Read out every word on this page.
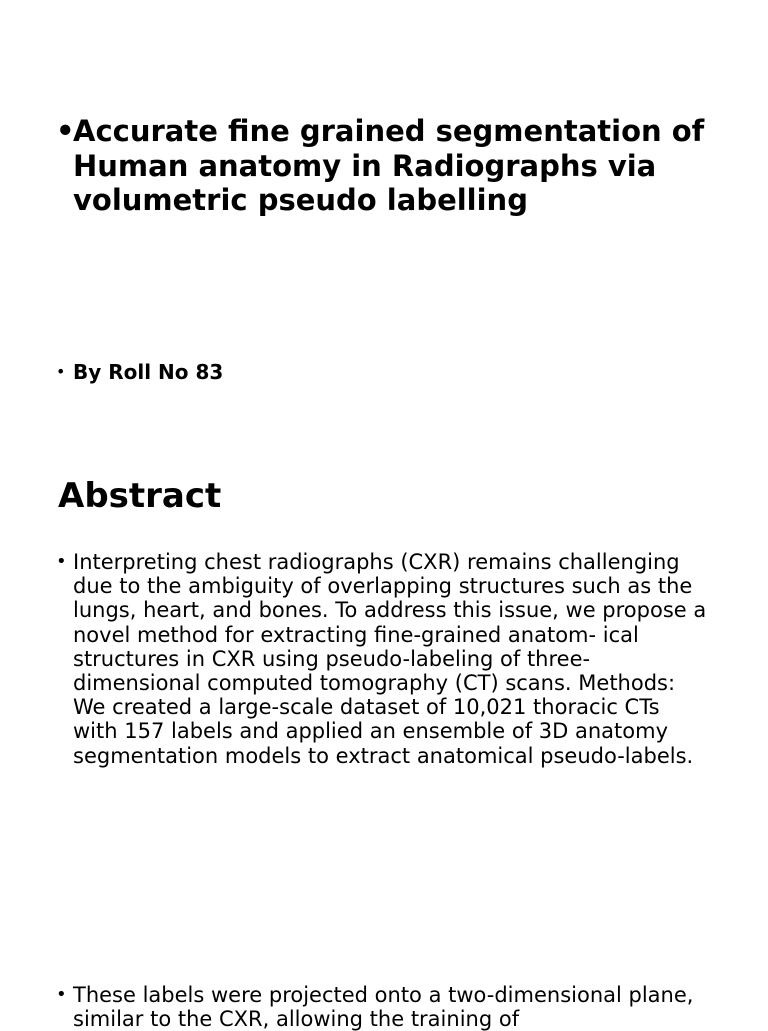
•
Accurate fine grained segmentation of Human anatomy in Radiographs via volumetric pseudo labelling
• By Roll No 83
Abstract
• Interpreting chest radiographs (CXR) remains challenging due to the ambiguity of overlapping structures such as the lungs, heart, and bones. To address this issue, we propose a novel method for extracting fine-grained anatom- ical structures in CXR using pseudo-labeling of three-dimensional computed tomography (CT) scans. Methods: We created a large-scale dataset of 10,021 thoracic CTs with 157 labels and applied an ensemble of 3D anatomy segmentation models to extract anatomical pseudo-labels.
• These labels were projected onto a two-dimensional plane, similar to the CXR, allowing the training of
